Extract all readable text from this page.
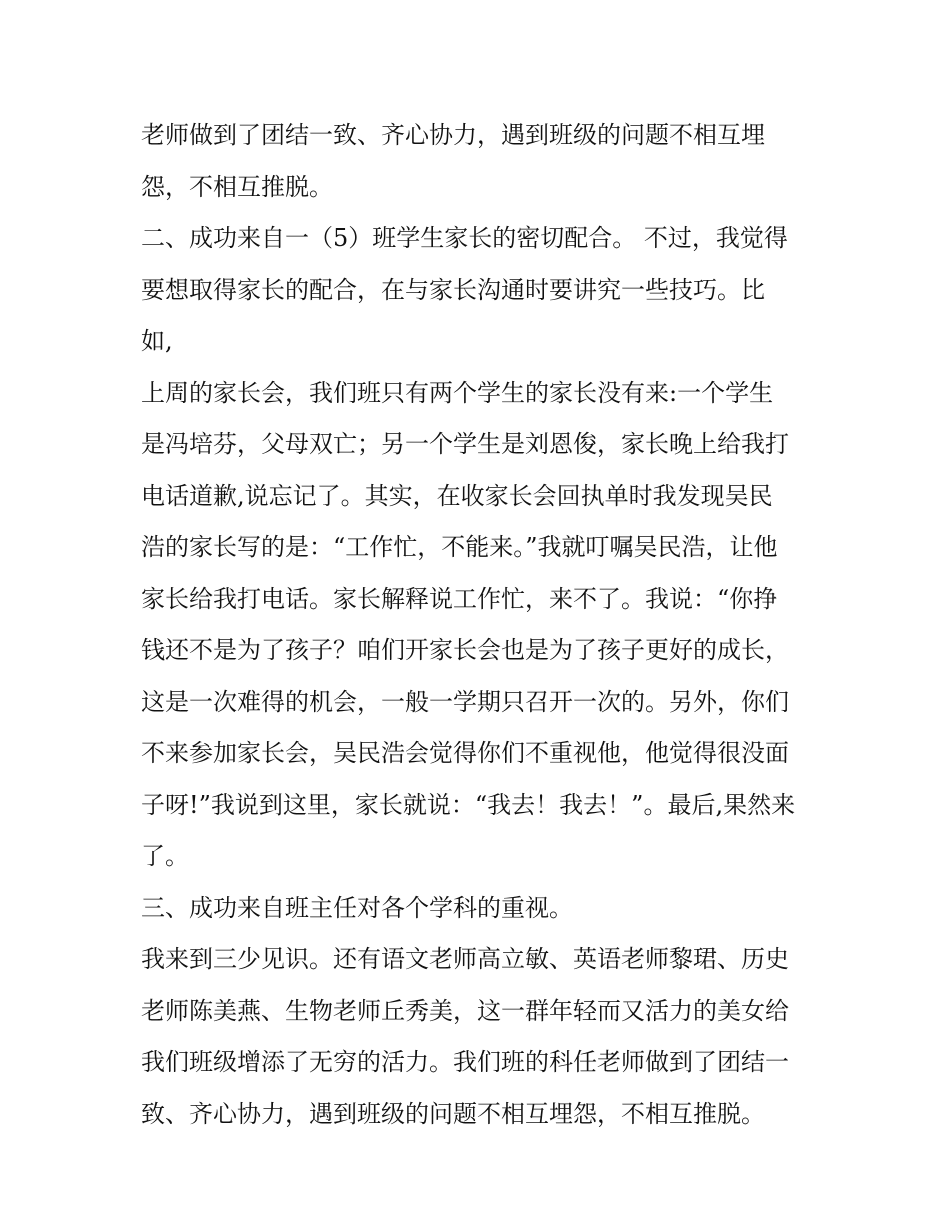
老师做到了团结一致、齐心协力，遇到班级的问题不相互埋
怨，不相互推脱。
二、成功来自一（5）班学生家长的密切配合。 不过，我觉得
要想取得家长的配合，在与家长沟通时要讲究一些技巧。比
如,
上周的家长会，我们班只有两个学生的家长没有来:一个学生
是冯培芬，父母双亡；另一个学生是刘恩俊，家长晚上给我打
电话道歉,说忘记了。其实，在收家长会回执单时我发现吴民
浩的家长写的是：“工作忙，不能来。”我就叮嘱吴民浩，让他
家长给我打电话。家长解释说工作忙，来不了。我说：“你挣
钱还不是为了孩子？咱们开家长会也是为了孩子更好的成长，
这是一次难得的机会，一般一学期只召开一次的。另外，你们
不来参加家长会，吴民浩会觉得你们不重视他，他觉得很没面
子呀!”我说到这里，家长就说：“我去！我去！”。最后,果然来
了。
三、成功来自班主任对各个学科的重视。
我来到三少见识。还有语文老师高立敏、英语老师黎珺、历史
老师陈美燕、生物老师丘秀美，这一群年轻而又活力的美女给
我们班级增添了无穷的活力。我们班的科任老师做到了团结一
致、齐心协力，遇到班级的问题不相互埋怨，不相互推脱。
